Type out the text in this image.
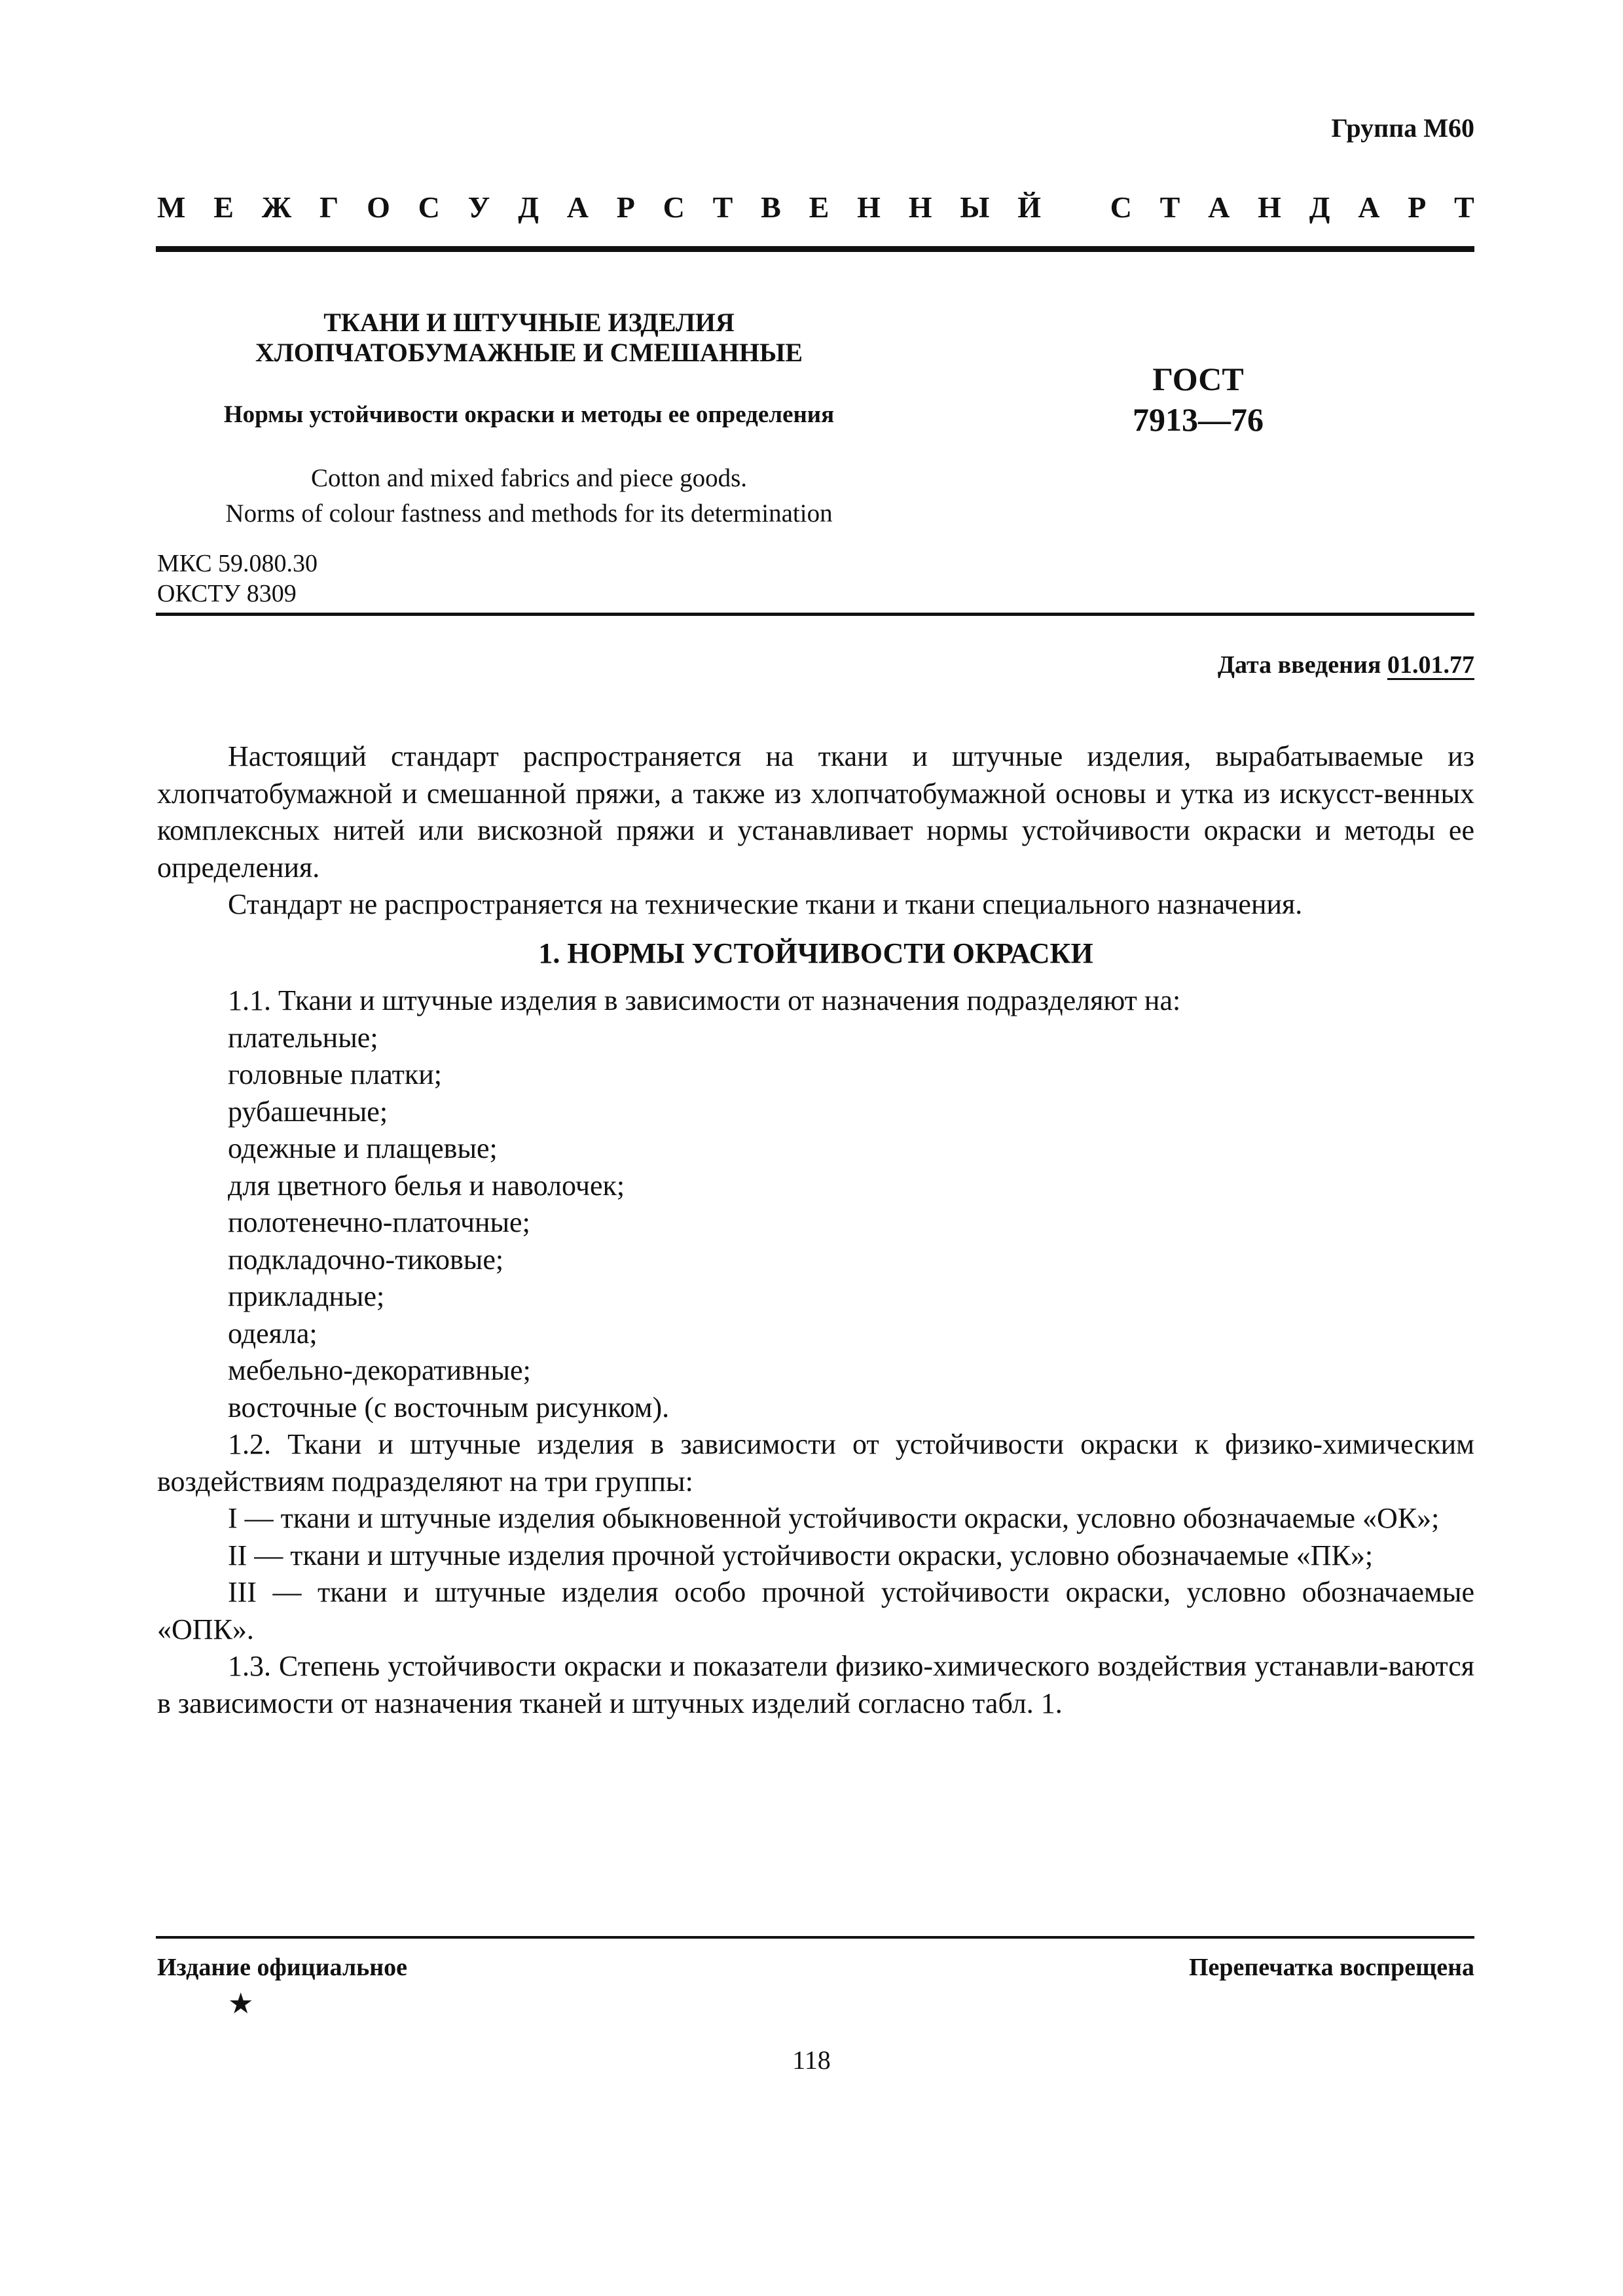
Группа М60
М Е Ж Г О С У Д А Р С Т В Е Н Н Ы Й С Т А Н Д А Р Т
ТКАНИ И ШТУЧНЫЕ ИЗДЕЛИЯ
ХЛОПЧАТОБУМАЖНЫЕ И СМЕШАННЫЕ
Нормы устойчивости окраски и методы ее определения
Cotton and mixed fabrics and piece goods.
Norms of colour fastness and methods for its determination
ГОСТ
7913—76
МКС 59.080.30
ОКСТУ 8309
Дата введения 01.01.77
Настоящий стандарт распространяется на ткани и штучные изделия, вырабатываемые из хлопчатобумажной и смешанной пряжи, а также из хлопчатобумажной основы и утка из искусст-венных комплексных нитей или вискозной пряжи и устанавливает нормы устойчивости окраски и методы ее определения.
Стандарт не распространяется на технические ткани и ткани специального назначения.
1. НОРМЫ УСТОЙЧИВОСТИ ОКРАСКИ
1.1. Ткани и штучные изделия в зависимости от назначения подразделяют на:
плательные;
головные платки;
рубашечные;
одежные и плащевые;
для цветного белья и наволочек;
полотенечно-платочные;
подкладочно-тиковые;
прикладные;
одеяла;
мебельно-декоративные;
восточные (с восточным рисунком).
1.2. Ткани и штучные изделия в зависимости от устойчивости окраски к физико-химическим воздействиям подразделяют на три группы:
I — ткани и штучные изделия обыкновенной устойчивости окраски, условно обозначаемые «ОК»;
II — ткани и штучные изделия прочной устойчивости окраски, условно обозначаемые «ПК»;
III — ткани и штучные изделия особо прочной устойчивости окраски, условно обозначаемые «ОПК».
1.3. Степень устойчивости окраски и показатели физико-химического воздействия устанавли-ваются в зависимости от назначения тканей и штучных изделий согласно табл. 1.
Издание официальное
★
Перепечатка воспрещена
118
